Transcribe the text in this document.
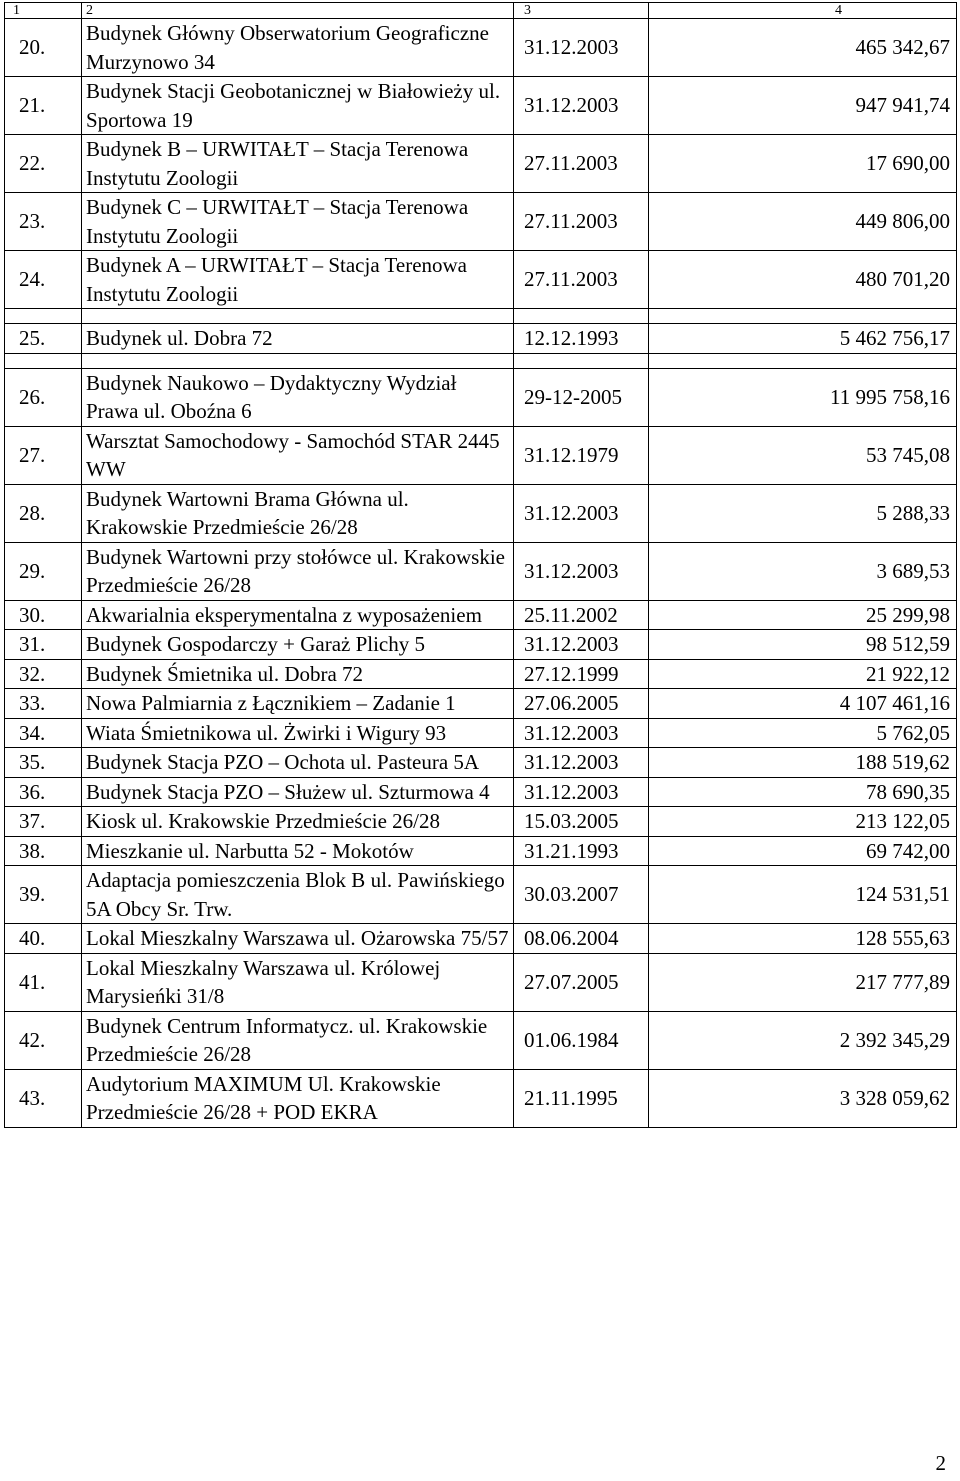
1	2	3	4
20.	Budynek Główny Obserwatorium Geograficzne Murzynowo 34	31.12.2003	465 342,67
21.	Budynek Stacji Geobotanicznej w Białowieży ul. Sportowa 19	31.12.2003	947 941,74
22.	Budynek B – URWITAŁT – Stacja Terenowa Instytutu Zoologii	27.11.2003	17 690,00
23.	Budynek C – URWITAŁT – Stacja Terenowa Instytutu Zoologii	27.11.2003	449 806,00
24.	Budynek A – URWITAŁT – Stacja Terenowa Instytutu Zoologii	27.11.2003	480 701,20

25.	Budynek ul. Dobra 72	12.12.1993	5 462 756,17

26.	Budynek Naukowo – Dydaktyczny Wydział Prawa ul. Oboźna 6	29-12-2005	11 995 758,16
27.	Warsztat Samochodowy - Samochód STAR 2445 WW	31.12.1979	53 745,08
28.	Budynek Wartowni Brama Główna ul. Krakowskie Przedmieście 26/28	31.12.2003	5 288,33
29.	Budynek Wartowni przy stołówce ul. Krakowskie Przedmieście 26/28	31.12.2003	3 689,53
30.	Akwarialnia eksperymentalna z wyposażeniem	25.11.2002	25 299,98
31.	Budynek Gospodarczy + Garaż Plichy 5	31.12.2003	98 512,59
32.	Budynek Śmietnika ul. Dobra 72	27.12.1999	21 922,12
33.	Nowa Palmiarnia z Łącznikiem – Zadanie 1	27.06.2005	4 107 461,16
34.	Wiata Śmietnikowa ul. Żwirki i Wigury 93	31.12.2003	5 762,05
35.	Budynek Stacja PZO – Ochota ul. Pasteura 5A	31.12.2003	188 519,62
36.	Budynek Stacja PZO – Służew ul. Szturmowa 4	31.12.2003	78 690,35
37.	Kiosk ul. Krakowskie Przedmieście 26/28	15.03.2005	213 122,05
38.	Mieszkanie ul. Narbutta 52 - Mokotów	31.21.1993	69 742,00
39.	Adaptacja pomieszczenia Blok B ul. Pawińskiego 5A Obcy Sr. Trw.	30.03.2007	124 531,51
40.	Lokal Mieszkalny Warszawa ul. Ożarowska 75/57	08.06.2004	128 555,63
41.	Lokal Mieszkalny Warszawa ul. Królowej Marysieńki 31/8	27.07.2005	217 777,89
42.	Budynek Centrum Informatycz. ul. Krakowskie Przedmieście 26/28	01.06.1984	2 392 345,29
43.	Audytorium MAXIMUM Ul. Krakowskie Przedmieście 26/28 + POD EKRA	21.11.1995	3 328 059,62
2
